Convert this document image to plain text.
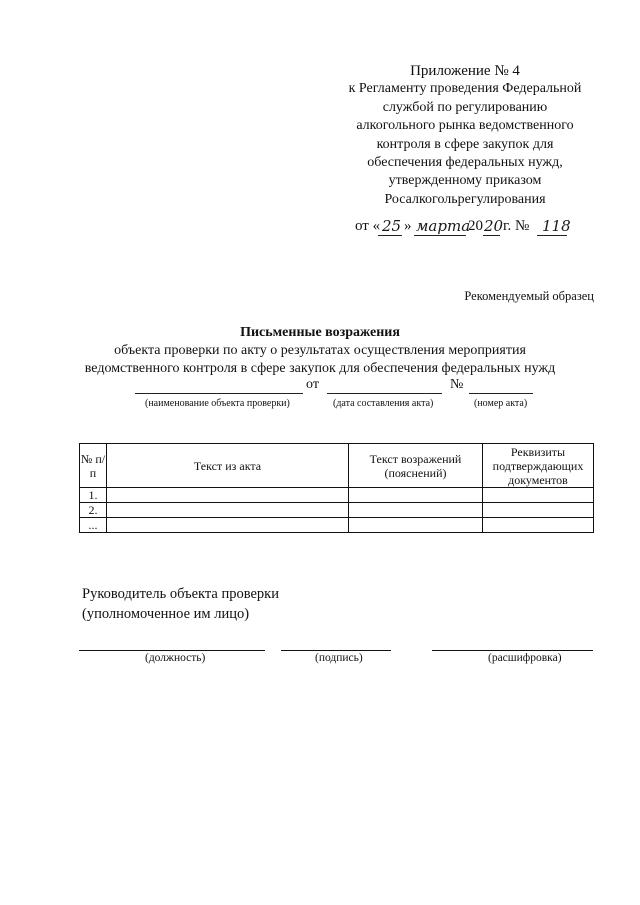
Приложение № 4
к Регламенту проведения Федеральной
службой по регулированию
алкогольного рынка ведомственного
контроля в сфере закупок для
обеспечения федеральных нужд,
утвержденному приказом
Росалкогольрегулирования
от « 25 » марта
20 20 г. № 118
Рекомендуемый образец
Письменные возражения
объекта проверки по акту о результатах осуществления мероприятия
ведомственного контроля в сфере закупок для обеспечения федеральных нужд
от	№
(наименование объекта проверки)	(дата составления акта)	(номер акта)
№ п/п	Текст из акта	Текст возражений (пояснений)	Реквизиты подтверждающих документов
1.			
2.			
...			
Руководитель объекта проверки
(уполномоченное им лицо)
(должность)	(подпись)	(расшифровка)
